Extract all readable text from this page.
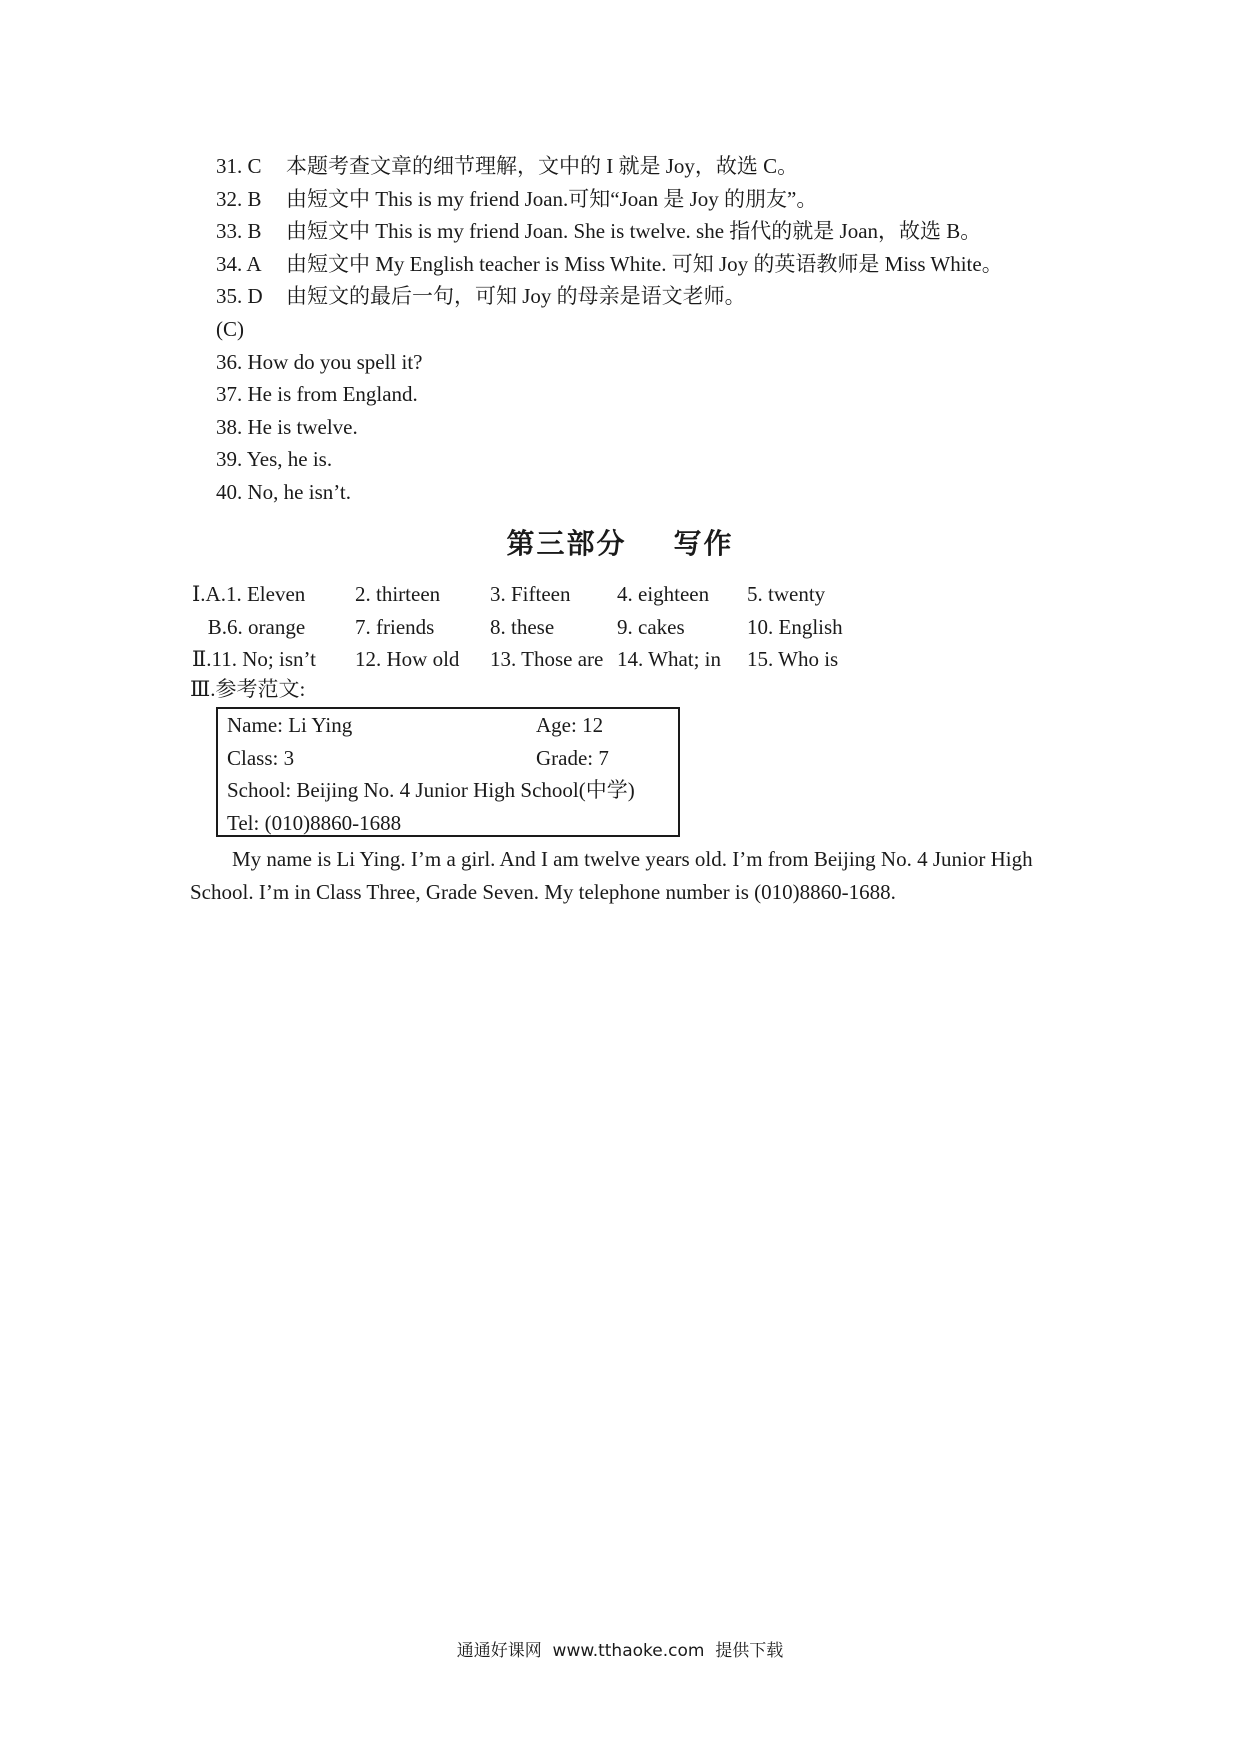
31. C 本题考查文章的细节理解，文中的 I 就是 Joy，故选 C。
32. B 由短文中 This is my friend Joan.可知“Joan 是 Joy 的朋友”。
33. B 由短文中 This is my friend Joan. She is twelve. she 指代的就是 Joan，故选 B。
34. A 由短文中 My English teacher is Miss White. 可知 Joy 的英语教师是 Miss White。
35. D 由短文的最后一句，可知 Joy 的母亲是语文老师。
(C)
36. How do you spell it?
37. He is from England.
38. He is twelve.
39. Yes, he is.
40. No, he isn’t.
第三部分    写作
Ⅰ.A.1. Eleven 2. thirteen 3. Fifteen 4. eighteen 5. twenty
B.6. orange 7. friends	8. these	9. cakes	10. English
Ⅱ.11. No; isn’t 12. How old 13. Those are 14. What; in 15. Who is
Ⅲ.参考范文:
Name: Li Ying	Age: 12
Class: 3	Grade: 7
School: Beijing No. 4 Junior High School(中学)
Tel: (010)8860-1688
My name is Li Ying. I’m a girl. And I am twelve years old. I’m from Beijing No. 4 Junior High School. I’m in Class Three, Grade Seven. My telephone number is (010)8860-1688.
通通好课网  www.tthaoke.com  提供下载
